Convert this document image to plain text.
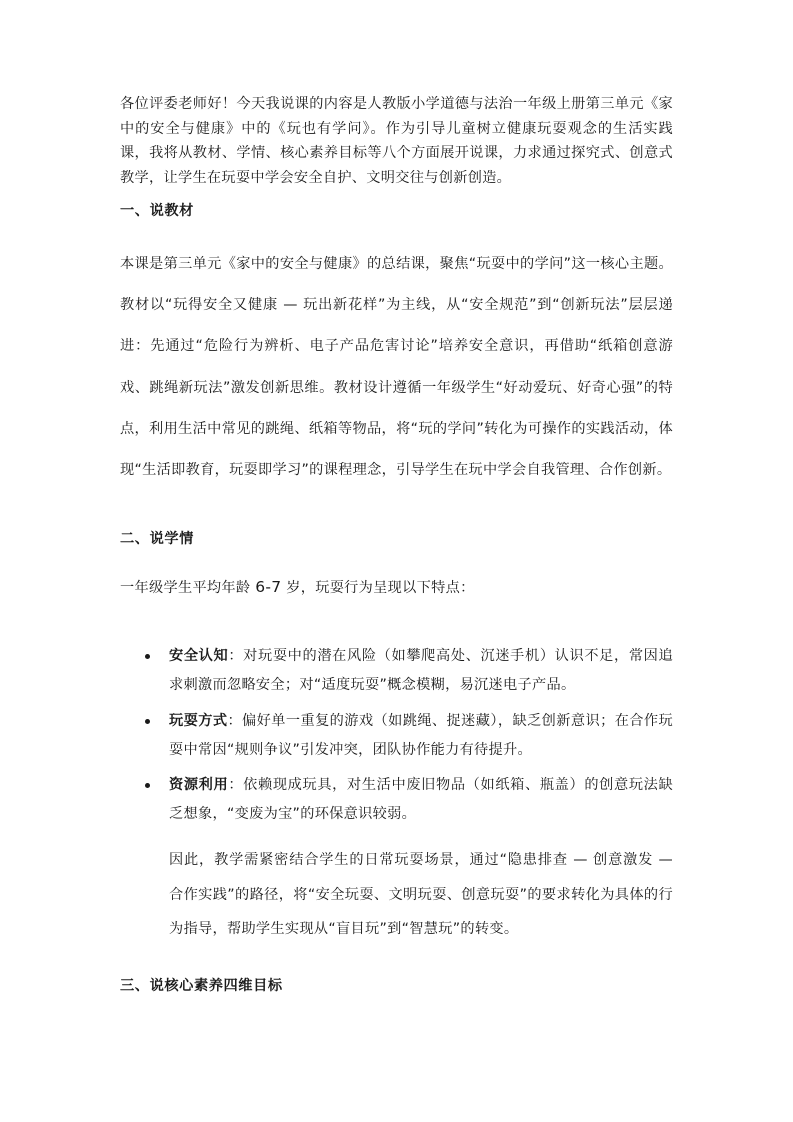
各位评委老师好！今天我说课的内容是人教版小学道德与法治一年级上册第三单元《家中的安全与健康》中的《玩也有学问》。作为引导儿童树立健康玩耍观念的生活实践课，我将从教材、学情、核心素养目标等八个方面展开说课，力求通过探究式、创意式教学，让学生在玩耍中学会安全自护、文明交往与创新创造。

一、说教材

本课是第三单元《家中的安全与健康》的总结课，聚焦“玩耍中的学问”这一核心主题。教材以“玩得安全又健康 — 玩出新花样”为主线，从“安全规范”到“创新玩法”层层递进：先通过“危险行为辨析、电子产品危害讨论”培养安全意识，再借助“纸箱创意游戏、跳绳新玩法”激发创新思维。教材设计遵循一年级学生“好动爱玩、好奇心强”的特点，利用生活中常见的跳绳、纸箱等物品，将“玩的学问”转化为可操作的实践活动，体现“生活即教育，玩耍即学习”的课程理念，引导学生在玩中学会自我管理、合作创新。

二、说学情

一年级学生平均年龄 6-7 岁，玩耍行为呈现以下特点：

安全认知：对玩耍中的潜在风险（如攀爬高处、沉迷手机）认识不足，常因追求刺激而忽略安全；对“适度玩耍”概念模糊，易沉迷电子产品。
玩耍方式：偏好单一重复的游戏（如跳绳、捉迷藏），缺乏创新意识；在合作玩耍中常因“规则争议”引发冲突，团队协作能力有待提升。
资源利用：依赖现成玩具，对生活中废旧物品（如纸箱、瓶盖）的创意玩法缺乏想象，“变废为宝”的环保意识较弱。

因此，教学需紧密结合学生的日常玩耍场景，通过“隐患排查 — 创意激发 — 合作实践”的路径，将“安全玩耍、文明玩耍、创意玩耍”的要求转化为具体的行为指导，帮助学生实现从“盲目玩”到“智慧玩”的转变。

三、说核心素养四维目标
